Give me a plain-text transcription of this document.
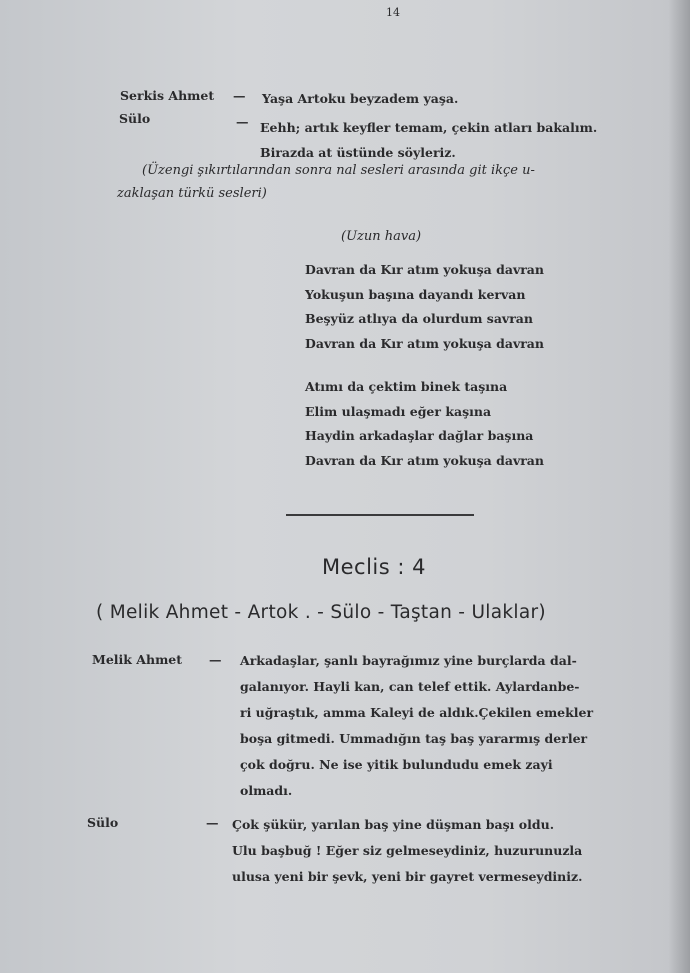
14
Serkis Ahmet — Yaşa Artoku beyzadem yaşa.
Sülo	— Eehh; artık keyfler temam, çekin atları bakalım.
Birazda at üstünde söyleriz.
(Üzengi şıkırtılarından sonra nal sesleri arasında git ikçe u-
zaklaşan türkü sesleri)
(Uzun hava)
Davran da Kır atım yokuşa davran
Yokuşun başına dayandı kervan
Beşyüz atlıya da olurdum savran
Davran da Kır atım yokuşa davran
Atımı da çektim binek taşına
Elim ulaşmadı eğer kaşına
Haydin arkadaşlar dağlar başına
Davran da Kır atım yokuşa davran
Meclis : 4
( Melik Ahmet - Artok . - Sülo - Taştan - Ulaklar)
Melik Ahmet — Arkadaşlar, şanlı bayrağımız yine burçlarda dal-
galanıyor. Hayli kan, can telef ettik. Aylardanbe-
ri uğraştık, amma Kaleyi de aldık.Çekilen emekler
boşa gitmedi. Ummadığın taş baş yararmış derler
çok doğru. Ne ise yitik bulundudu emek zayi
olmadı.
Sülo	— Çok şükür, yarılan baş yine düşman başı oldu.
Ulu başbuğ ! Eğer siz gelmeseydiniz, huzurunuzla
ulusa yeni bir şevk, yeni bir gayret vermeseydiniz.
